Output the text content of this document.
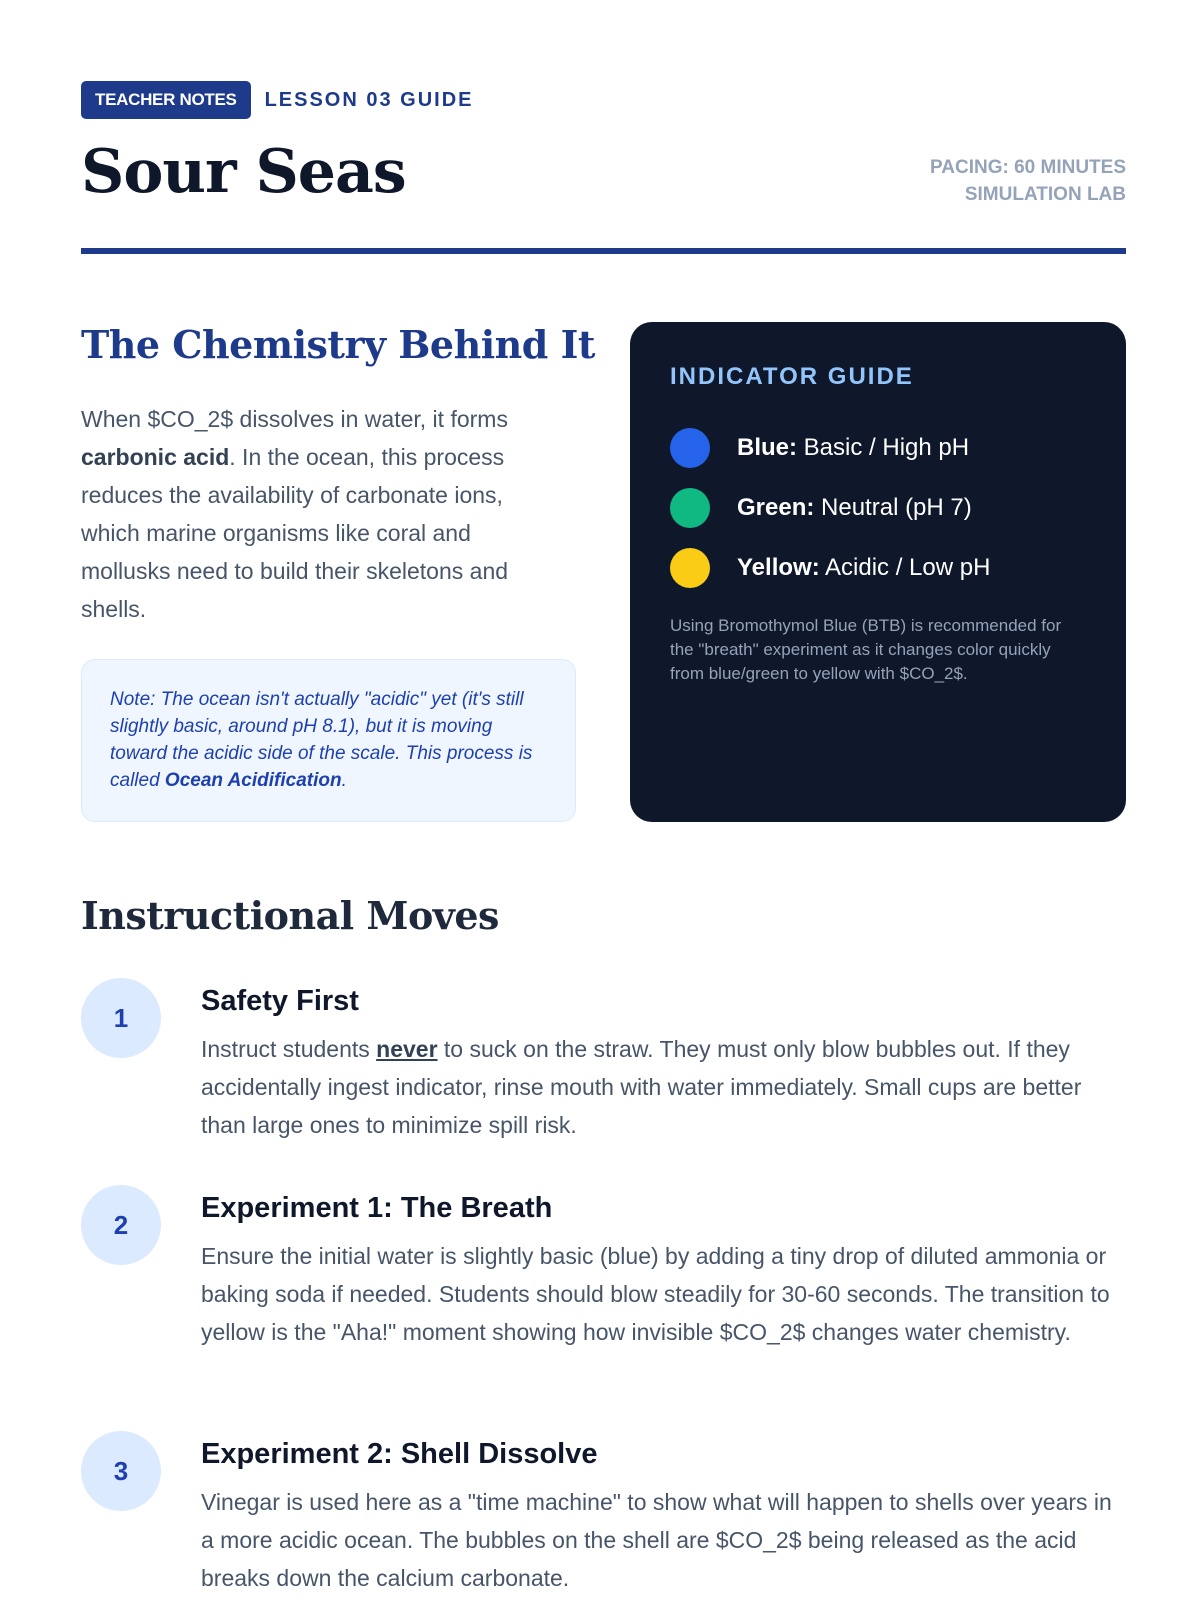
TEACHER NOTES	LESSON 03 GUIDE
Sour Seas	PACING: 60 MINUTES
SIMULATION LAB
The Chemistry Behind It

When $CO_2$ dissolves in water, it forms carbonic acid. In the ocean, this process reduces the availability of carbonate ions, which marine organisms like coral and mollusks need to build their skeletons and shells.

Note: The ocean isn't actually "acidic" yet (it's still slightly basic, around pH 8.1), but it is moving toward the acidic side of the scale. This process is called Ocean Acidification.

INDICATOR GUIDE
Blue: Basic / High pH
Green: Neutral (pH 7)
Yellow: Acidic / Low pH

Using Bromothymol Blue (BTB) is recommended for the "breath" experiment as it changes color quickly from blue/green to yellow with $CO_2$.

Instructional Moves
1
Safety First

Instruct students never to suck on the straw. They must only blow bubbles out. If they accidentally ingest indicator, rinse mouth with water immediately. Small cups are better than large ones to minimize spill risk.

2
Experiment 1: The Breath

Ensure the initial water is slightly basic (blue) by adding a tiny drop of diluted ammonia or baking soda if needed. Students should blow steadily for 30-60 seconds. The transition to yellow is the "Aha!" moment showing how invisible $CO_2$ changes water chemistry.

3
Experiment 2: Shell Dissolve

Vinegar is used here as a "time machine" to show what will happen to shells over years in a more acidic ocean. The bubbles on the shell are $CO_2$ being released as the acid breaks down the calcium carbonate.
